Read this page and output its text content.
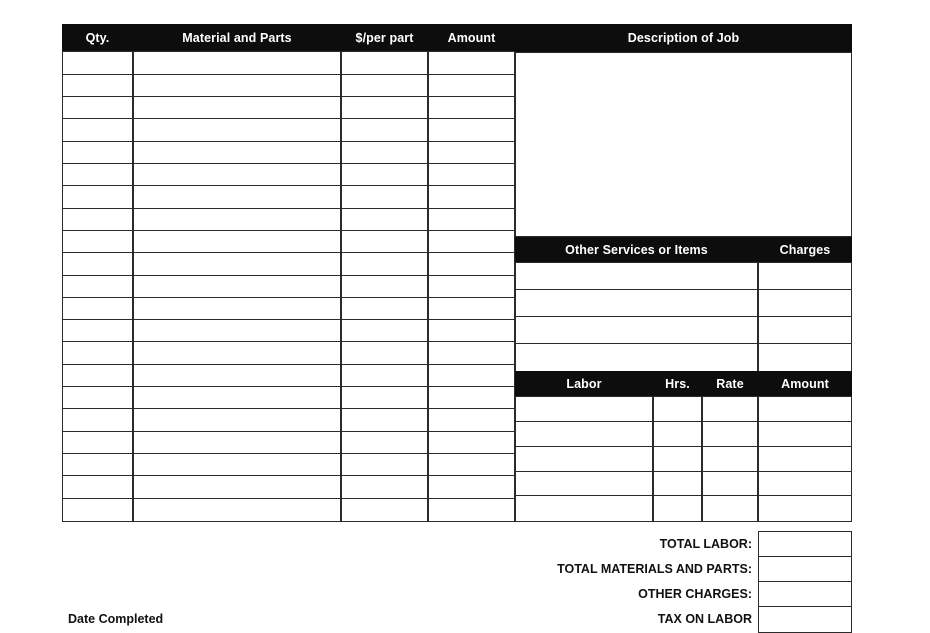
Qty.	Material and Parts	$/per part	Amount	Description of Job
Other Services or Items	Charges
Labor	Hrs.	Rate	Amount
TOTAL LABOR:
TOTAL MATERIALS AND PARTS:
OTHER CHARGES:
TAX ON LABOR
Date Completed
